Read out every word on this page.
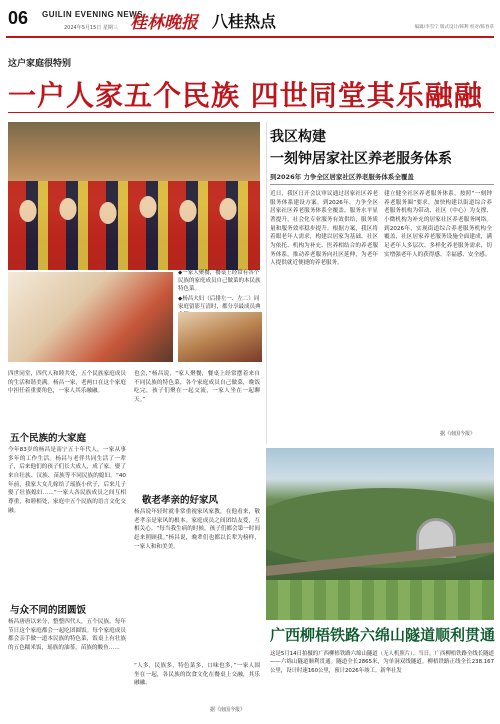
06 GUILIN EVENING NEWS
2024年5月15日 星期三 桂林晚报 八桂热点	编辑/李雪宁 版式设计/韩利 校对/陈春草
这户家庭很特别
一户人家五个民族 四世同堂其乐融融
◆一家人聚餐，餐桌上经常有各个民族的家庭成员自己做菜的本民族特色菜。
◆杨昌夫妇（后排左一、左二）同家庭留影互清时，都分享最成员典
四世同堂，四代人和睦共处，五个民族家庭成员的生活和谐美满。杨昌一家，老两口在这个家庭中担任着重要角色，一家人其乐融融。
也会，”杨昌说，“家人聚餐，餐桌上经常摆着来自不同民族的特色菜，各个家庭成员自己做菜，晚饭吃完，孩子们聚在一起交流，一家人坐在一起聊天。”
五个民族的大家庭
今年83岁的杨昌是南宁五十年代人，一家从事多年的工作生活。杨昌与老伴共同生活了一辈子，后来他们的孩子们长大成人，成了家，娶了来自壮族、汉族、苗族等不同民族的媳妇。“40年前，我家大女儿嫁给了瑶族小伙子，后来儿子娶了壮族媳妇……”一家人各民族成员之间互相尊重，和睦相处，家庭中五个民族的语言文化交融。
敬老孝亲的好家风
杨昌说年轻时就非常重视家风家教，在他看来，敬老孝亲是家风的根本。家庭成员之间团结友爱，互相关心。“每当我生病的时候，孩子们都会第一时间赶来照顾我。”杨昌说，晚辈们也都以长辈为榜样，一家人和和美美。
与众不同的团圆饭
杨昌唐唐以来分，整整四代人，五个民族，每年节日这个家庭都会一起吃团圆饭。每个家庭成员都会亲手做一道本民族的特色菜，饭桌上有壮族的五色糯米饭，瑶族的油茶，苗族的酸鱼……
“人多，民族多，特色菜多，口味也多，”一家人围坐在一起，各民族的饮食文化在餐桌上交融，其乐融融。
据《南国今报》
我区构建
一刻钟居家社区养老服务体系
到2026年 力争全区居家社区养老服务体系全覆盖
近日，我区日开会议审议通过居家社区养老服务体系建设方案。到2026年，力争全区居家社区养老服务体系全覆盖，服务水平显著提升，社会化专业服务有效供给，服务质量和服务效率稳步提升。根据方案，我区将着眼老年人需求，构建以居家为基础、社区为依托、机构为补充、医养相结合的养老服务体系，推动养老服务向社区延伸，为老年人提供就近便捷的养老服务。
建立健全社区养老服务体系，按照“一刻钟养老服务圈”要求，加快构建以街道综合养老服务机构为带动、社区（中心）为支撑、小微机构为补充的居家社区养老服务网络。到2026年，实现街道综合养老服务机构全覆盖，社区居家养老服务设施全面建成，满足老年人多层次、多样化养老服务需求，切实增强老年人的获得感、幸福感、安全感。
据《南国今报》
广西柳梧铁路六绵山隧道顺利贯通
这是5月14日拍摄的广西柳梧铁路六绵山隧道（无人机照片）。当日，广西柳梧铁路全线长隧道——六绵山隧道顺利贯通。隧道全长2865米，为单洞双线隧道。柳梧铁路正线全长238.167公里，设计时速160公里，预计2026年竣工。新华社发
